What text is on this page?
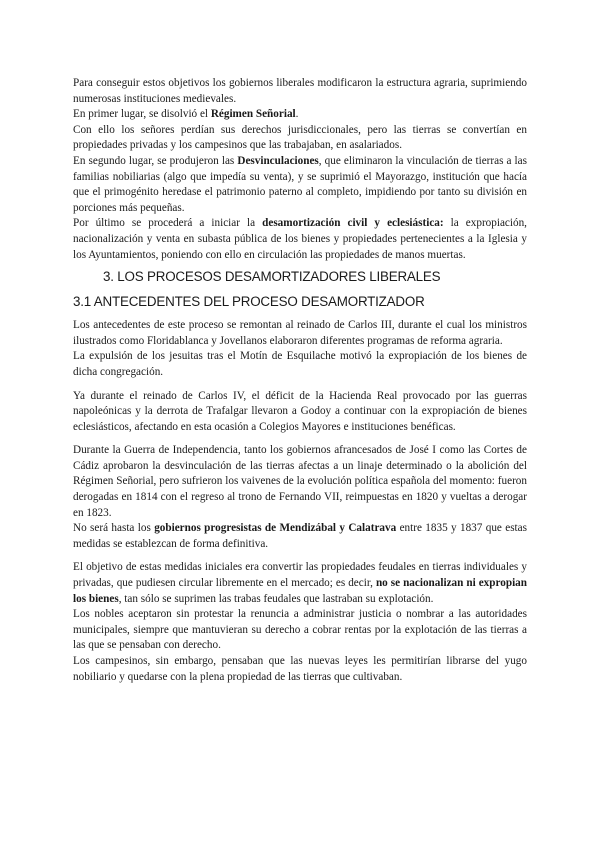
Para conseguir estos objetivos los gobiernos liberales modificaron la estructura agraria, suprimiendo numerosas instituciones medievales.

En primer lugar, se disolvió el Régimen Señorial.

Con ello los señores perdían sus derechos jurisdiccionales, pero las tierras se convertían en propiedades privadas y los campesinos que las trabajaban, en asalariados.

En segundo lugar, se produjeron las Desvinculaciones, que eliminaron la vinculación de tierras a las familias nobiliarias (algo que impedía su venta), y se suprimió el Mayorazgo, institución que hacía que el primogénito heredase el patrimonio paterno al completo, impidiendo por tanto su división en porciones más pequeñas.

Por último se procederá a iniciar la desamortización civil y eclesiástica: la expropiación, nacionalización y venta en subasta pública de los bienes y propiedades pertenecientes a la Iglesia y los Ayuntamientos, poniendo con ello en circulación las propiedades de manos muertas.

3. LOS PROCESOS DESAMORTIZADORES LIBERALES
3.1 ANTECEDENTES DEL PROCESO DESAMORTIZADOR

Los antecedentes de este proceso se remontan al reinado de Carlos III, durante el cual los ministros ilustrados como Floridablanca y Jovellanos elaboraron diferentes programas de reforma agraria.

La expulsión de los jesuitas tras el Motín de Esquilache motivó la expropiación de los bienes de dicha congregación.

Ya durante el reinado de Carlos IV, el déficit de la Hacienda Real provocado por las guerras napoleónicas y la derrota de Trafalgar llevaron a Godoy a continuar con la expropiación de bienes eclesiásticos, afectando en esta ocasión a Colegios Mayores e instituciones benéficas.

Durante la Guerra de Independencia, tanto los gobiernos afrancesados de José I como las Cortes de Cádiz aprobaron la desvinculación de las tierras afectas a un linaje determinado o la abolición del Régimen Señorial, pero sufrieron los vaivenes de la evolución política española del momento: fueron derogadas en 1814 con el regreso al trono de Fernando VII, reimpuestas en 1820 y vueltas a derogar en 1823.

No será hasta los gobiernos progresistas de Mendizábal y Calatrava entre 1835 y 1837 que estas medidas se establezcan de forma definitiva.

El objetivo de estas medidas iniciales era convertir las propiedades feudales en tierras individuales y privadas, que pudiesen circular libremente en el mercado; es decir, no se nacionalizan ni expropian los bienes, tan sólo se suprimen las trabas feudales que lastraban su explotación.

Los nobles aceptaron sin protestar la renuncia a administrar justicia o nombrar a las autoridades municipales, siempre que mantuvieran su derecho a cobrar rentas por la explotación de las tierras a las que se pensaban con derecho.

Los campesinos, sin embargo, pensaban que las nuevas leyes les permitirían librarse del yugo nobiliario y quedarse con la plena propiedad de las tierras que cultivaban.
